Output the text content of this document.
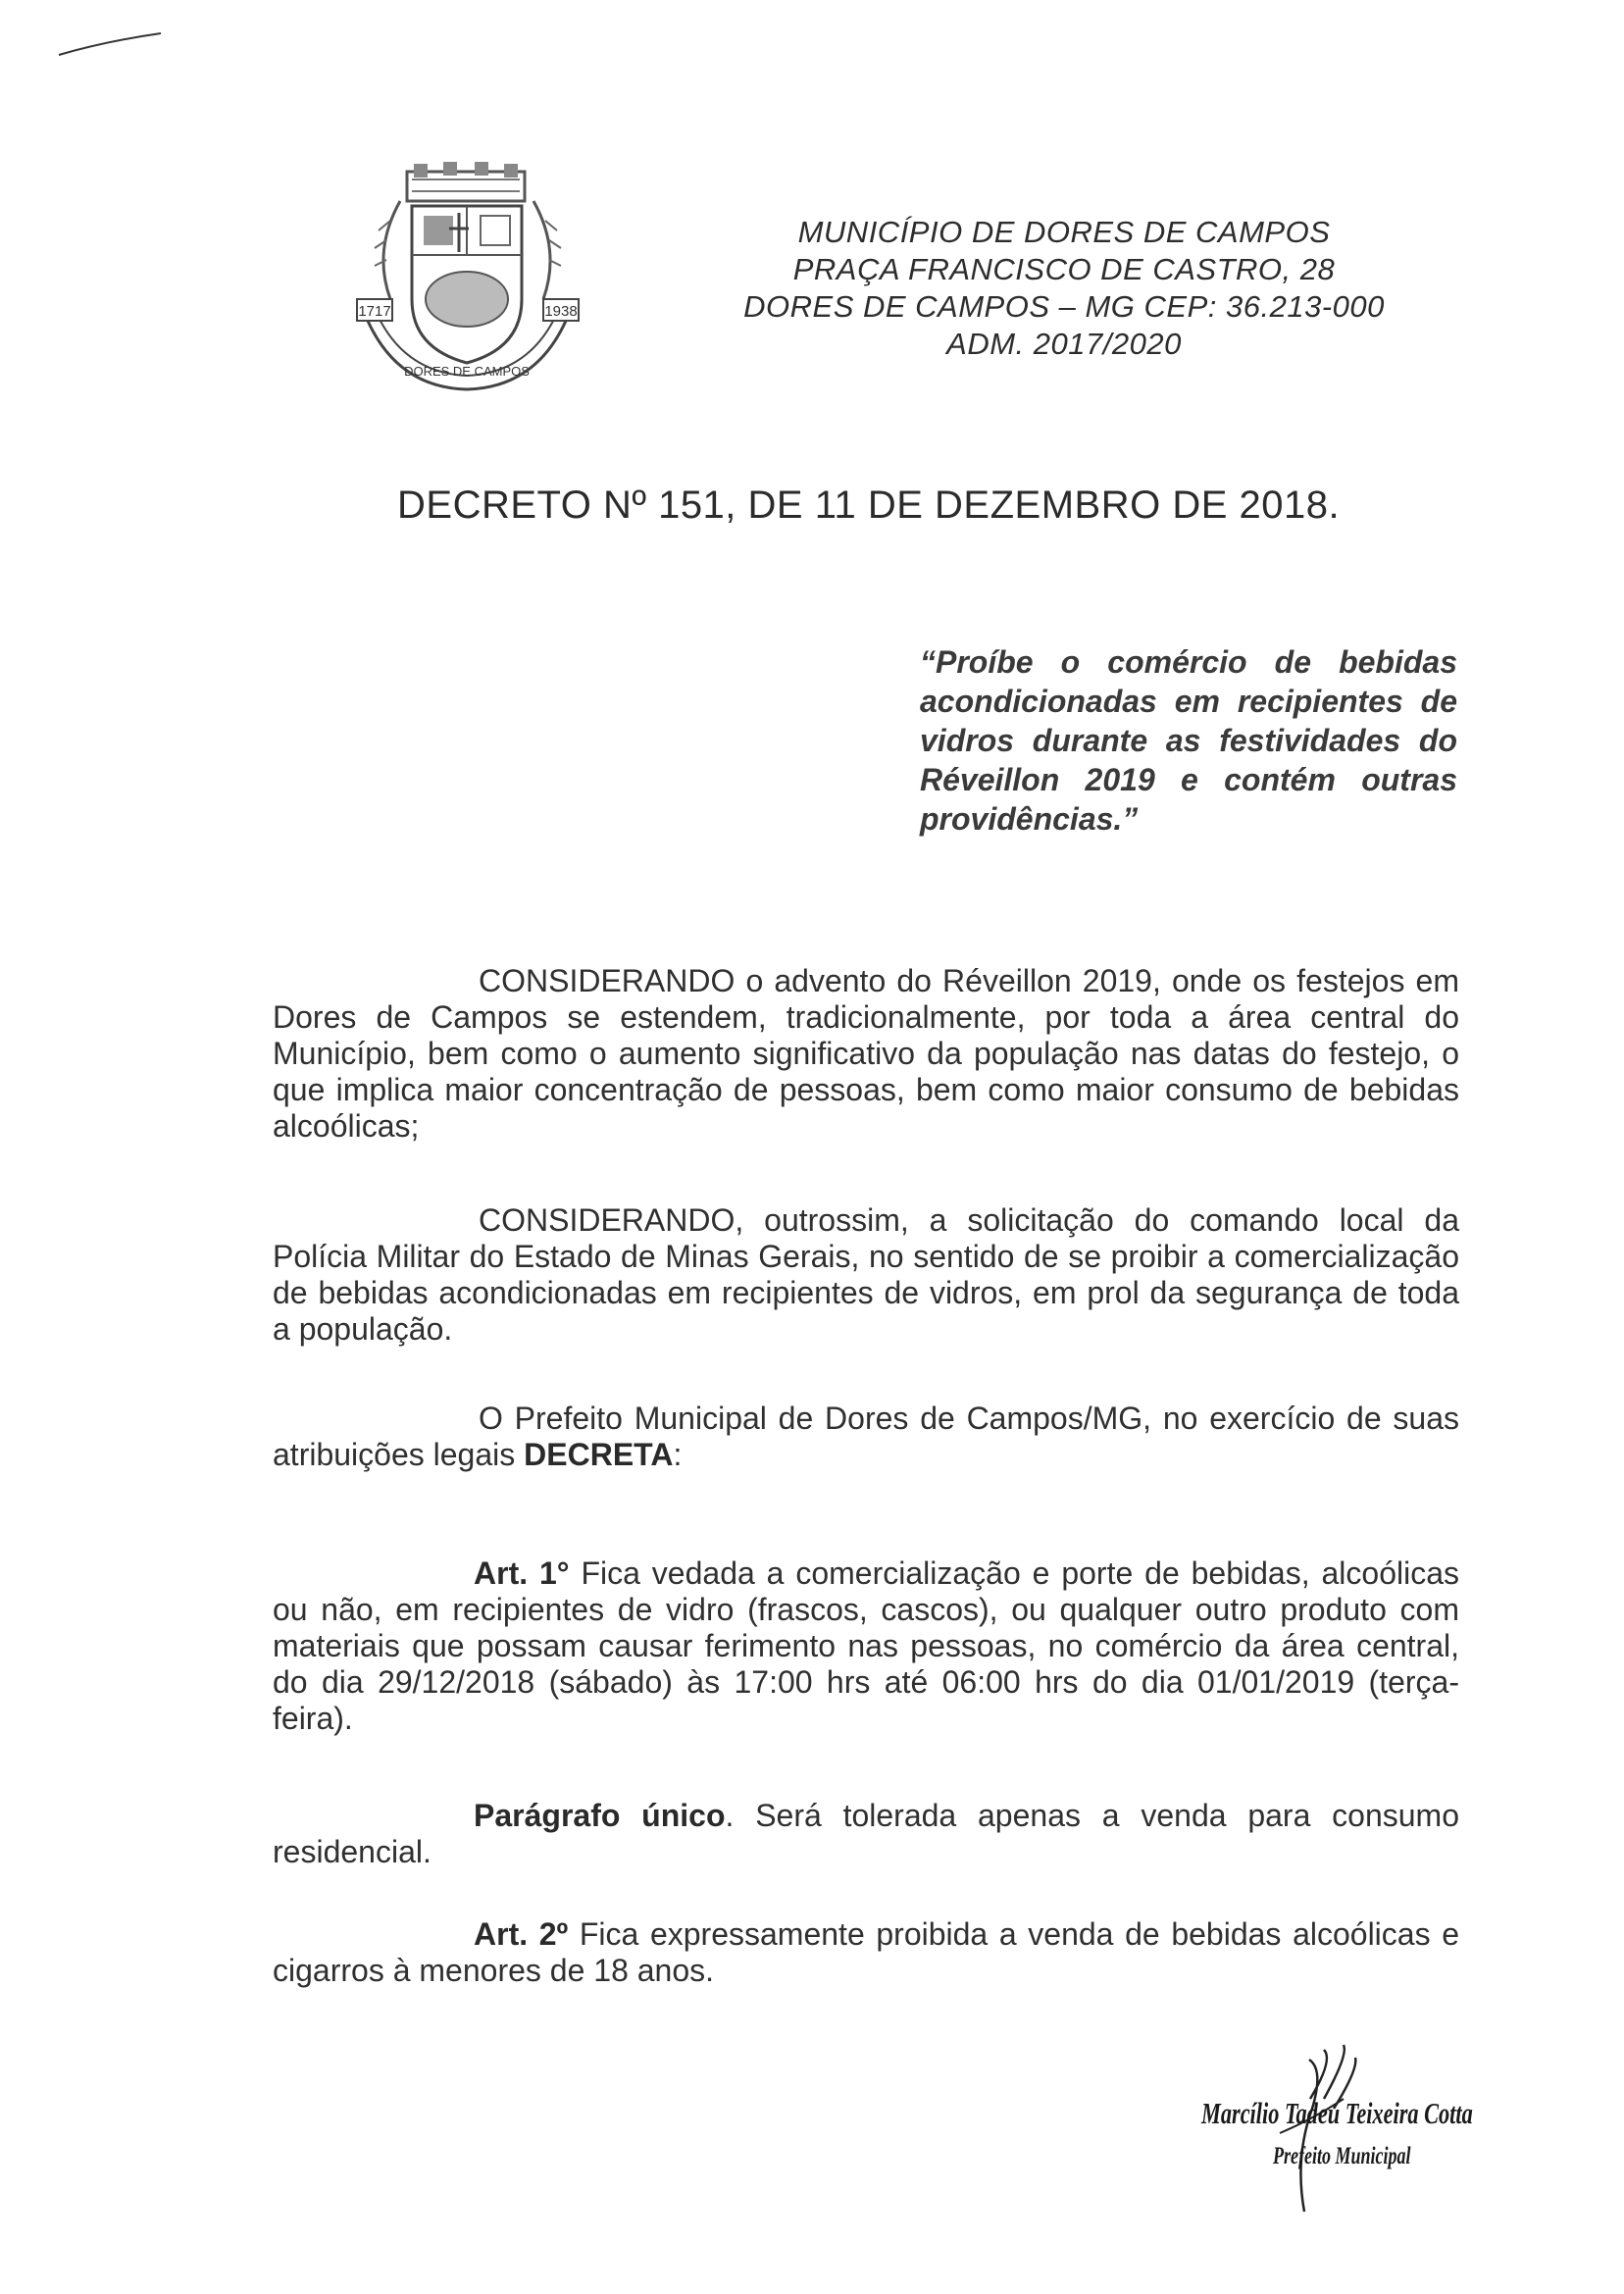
1717	1938
DORES DE CAMPOS
MUNICÍPIO DE DORES DE CAMPOS
PRAÇA FRANCISCO DE CASTRO, 28
DORES DE CAMPOS – MG CEP: 36.213-000
ADM. 2017/2020
DECRETO Nº 151, DE 11 DE DEZEMBRO DE 2018.
“Proíbe o comércio de bebidas acondicionadas em recipientes de vidros durante as festividades do Réveillon 2019 e contém outras providências.”
CONSIDERANDO o advento do Réveillon 2019, onde os festejos em Dores de Campos se estendem, tradicionalmente, por toda a área central do Município, bem como o aumento significativo da população nas datas do festejo, o que implica maior concentração de pessoas, bem como maior consumo de bebidas alcoólicas;
CONSIDERANDO, outrossim, a solicitação do comando local da Polícia Militar do Estado de Minas Gerais, no sentido de se proibir a comercialização de bebidas acondicionadas em recipientes de vidros, em prol da segurança de toda a população.
O Prefeito Municipal de Dores de Campos/MG, no exercício de suas atribuições legais DECRETA:
Art. 1° Fica vedada a comercialização e porte de bebidas, alcoólicas ou não, em recipientes de vidro (frascos, cascos), ou qualquer outro produto com materiais que possam causar ferimento nas pessoas, no comércio da área central, do dia 29/12/2018 (sábado) às 17:00 hrs até 06:00 hrs do dia 01/01/2019 (terça-feira).
Parágrafo único. Será tolerada apenas a venda para consumo residencial.
Art. 2º Fica expressamente proibida a venda de bebidas alcoólicas e cigarros à menores de 18 anos.
Marcílio Tadeu Teixeira Cotta
Prefeito Municipal
